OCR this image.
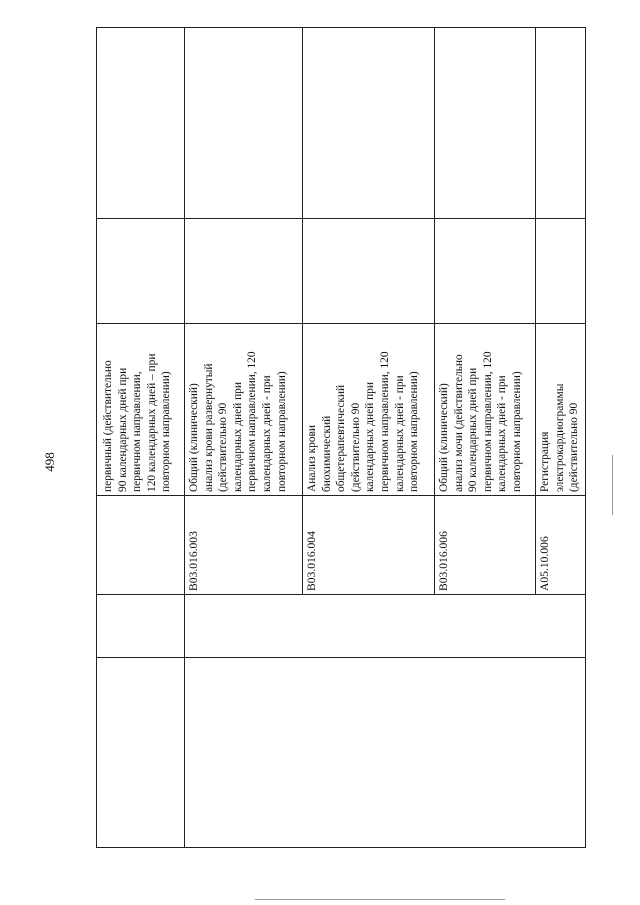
498	первичный (действительно 90 календарных дней при первичном направлении, 120 календарных дней – при повторном направлении)
B03.016.003
Общий (клинический) анализ крови развернутый (действительно 90 календарных дней при первичном направлении, 120 календарных дней - при повторном направлении)
B03.016.004
Анализ крови биохимический общетерапевтический (действительно 90 календарных дней при первичном направлении, 120 календарных дней - при повторном направлении)
B03.016.006
Общий (клинический) анализ мочи (действительно 90 календарных дней при первичном направлении, 120 календарных дней - при повторном направлении)
A05.10.006
Регистрация электрокардиограммы (действительно 90
